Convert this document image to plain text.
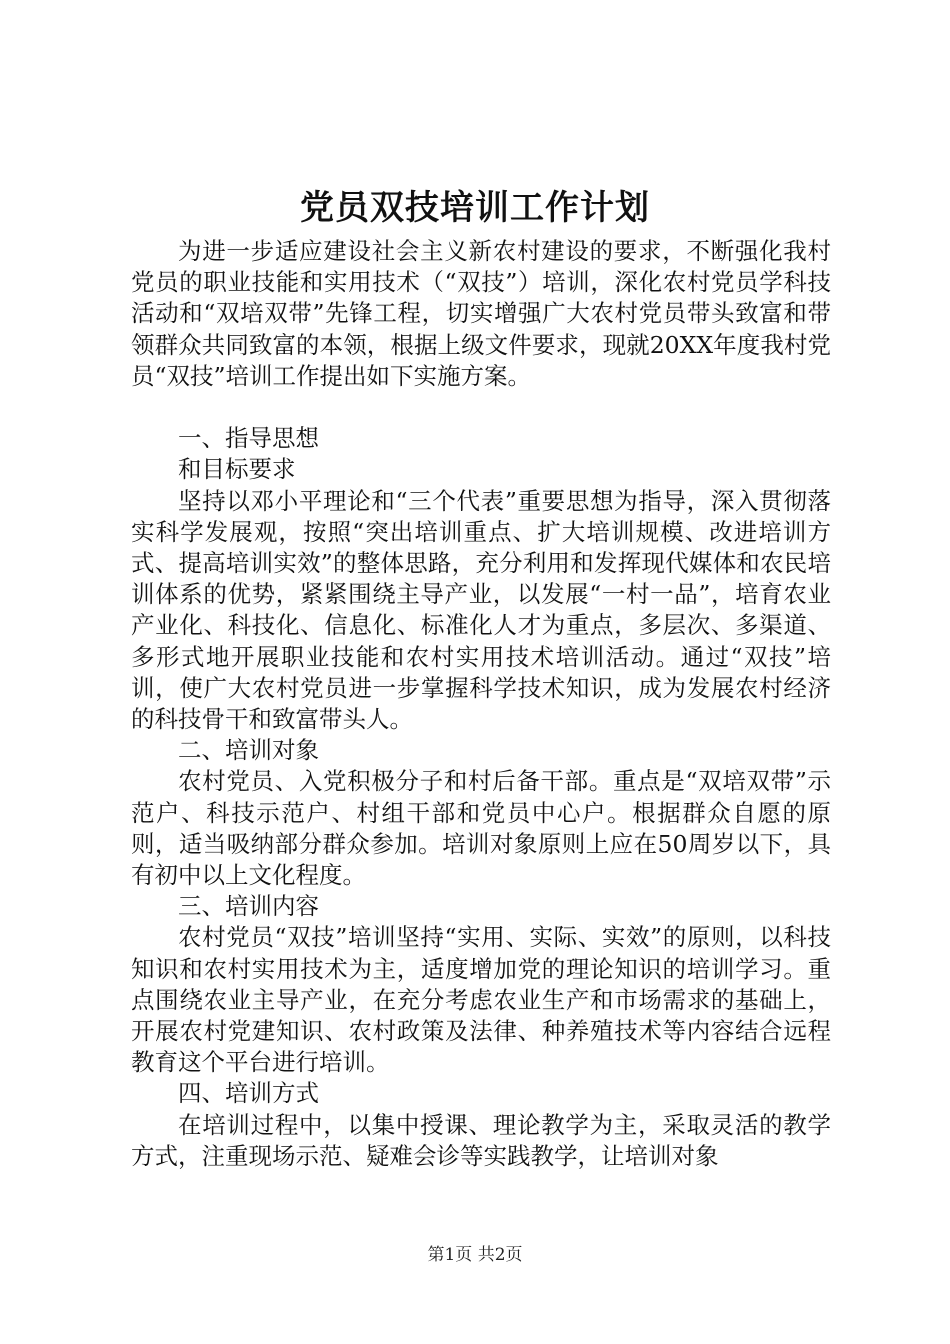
党员双技培训工作计划

为进一步适应建设社会主义新农村建设的要求，不断强化我村党员的职业技能和实用技术（“双技”）培训，深化农村党员学科技活动和“双培双带”先锋工程，切实增强广大农村党员带头致富和带领群众共同致富的本领，根据上级文件要求，现就20XX年度我村党员“双技”培训工作提出如下实施方案。

一、指导思想

和目标要求

坚持以邓小平理论和“三个代表”重要思想为指导，深入贯彻落实科学发展观，按照“突出培训重点、扩大培训规模、改进培训方式、提高培训实效”的整体思路，充分利用和发挥现代媒体和农民培训体系的优势，紧紧围绕主导产业，以发展“一村一品”，培育农业产业化、科技化、信息化、标准化人才为重点，多层次、多渠道、多形式地开展职业技能和农村实用技术培训活动。通过“双技”培训，使广大农村党员进一步掌握科学技术知识，成为发展农村经济的科技骨干和致富带头人。

二、培训对象

农村党员、入党积极分子和村后备干部。重点是“双培双带”示范户、科技示范户、村组干部和党员中心户。根据群众自愿的原则，适当吸纳部分群众参加。培训对象原则上应在50周岁以下，具有初中以上文化程度。

三、培训内容

农村党员“双技”培训坚持“实用、实际、实效”的原则，以科技知识和农村实用技术为主，适度增加党的理论知识的培训学习。重点围绕农业主导产业，在充分考虑农业生产和市场需求的基础上，开展农村党建知识、农村政策及法律、种养殖技术等内容结合远程教育这个平台进行培训。

四、培训方式

在培训过程中，以集中授课、理论教学为主，采取灵活的教学方式，注重现场示范、疑难会诊等实践教学，让培训对象

第1页 共2页
